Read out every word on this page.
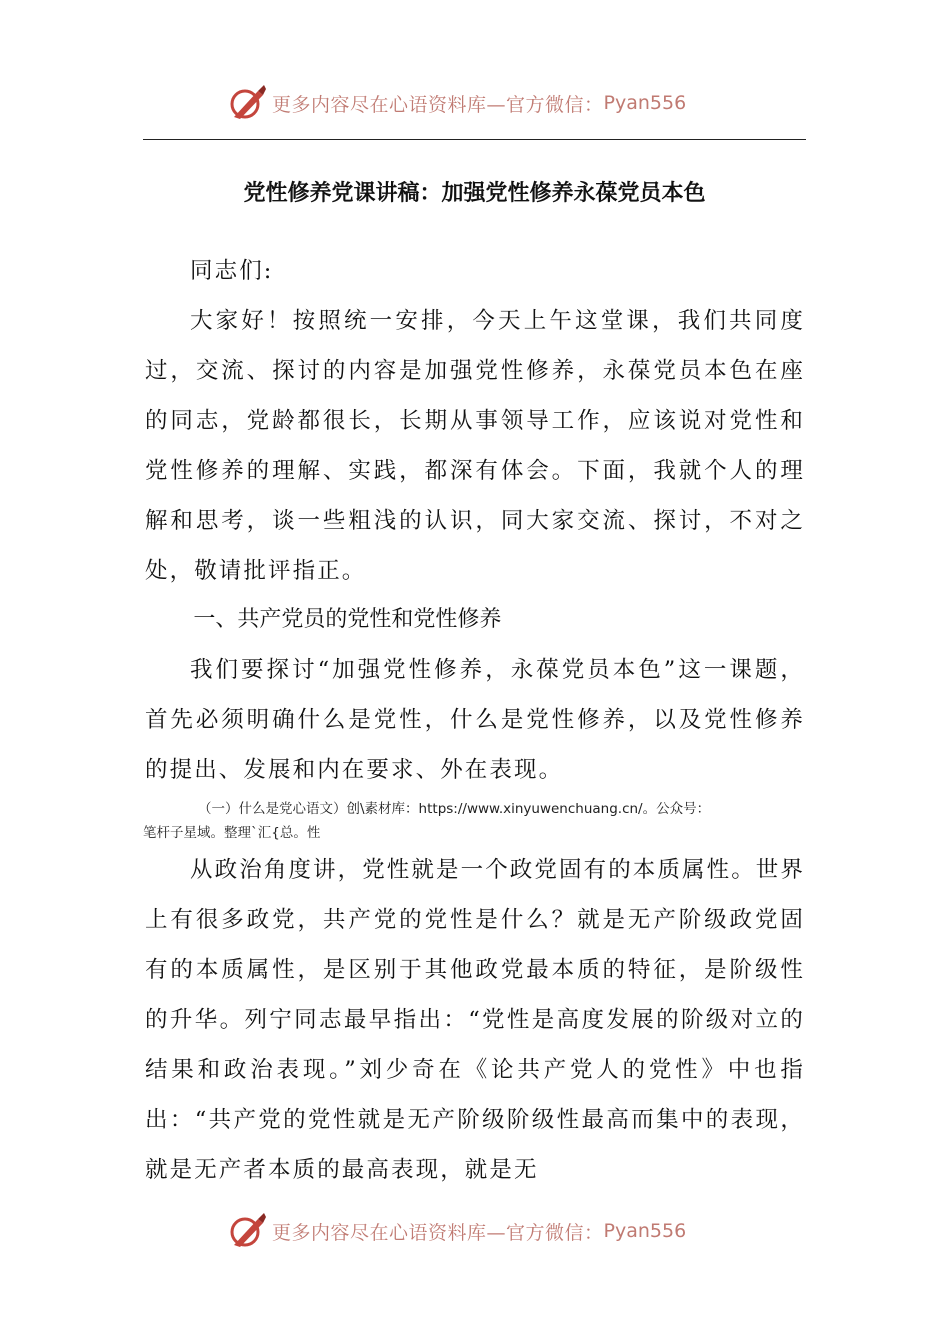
更多内容尽在心语资料库—官方微信： Pyan556
党性修养党课讲稿：加强党性修养永葆党员本色

同志们:

大家好！按照统一安排，今天上午这堂课，我们共同度过，交流、探讨的内容是加强党性修养，永葆党员本色在座的同志，党龄都很长，长期从事领导工作，应该说对党性和党性修养的理解、实践，都深有体会。下面，我就个人的理解和思考，谈一些粗浅的认识，同大家交流、探讨，不对之处，敬请批评指正。

一、共产党员的党性和党性修养

我们要探讨“加强党性修养，永葆党员本色”这一课题，首先必须明确什么是党性，什么是党性修养，以及党性修养的提出、发展和内在要求、外在表现。

（一）什么是党心语文）创\素材库：https://www.xinyuwenchuang.cn/。公众号：
笔杆子星域。整理`汇{总。性

从政治角度讲，党性就是一个政党固有的本质属性。世界上有很多政党，共产党的党性是什么？就是无产阶级政党固有的本质属性，是区别于其他政党最本质的特征，是阶级性的升华。列宁同志最早指出：“党性是高度发展的阶级对立的结果和政治表现。”刘少奇在《论共产党人的党性》中也指出：“共产党的党性就是无产阶级阶级性最高而集中的表现，就是无产者本质的最高表现，就是无

更多内容尽在心语资料库—官方微信： Pyan556
